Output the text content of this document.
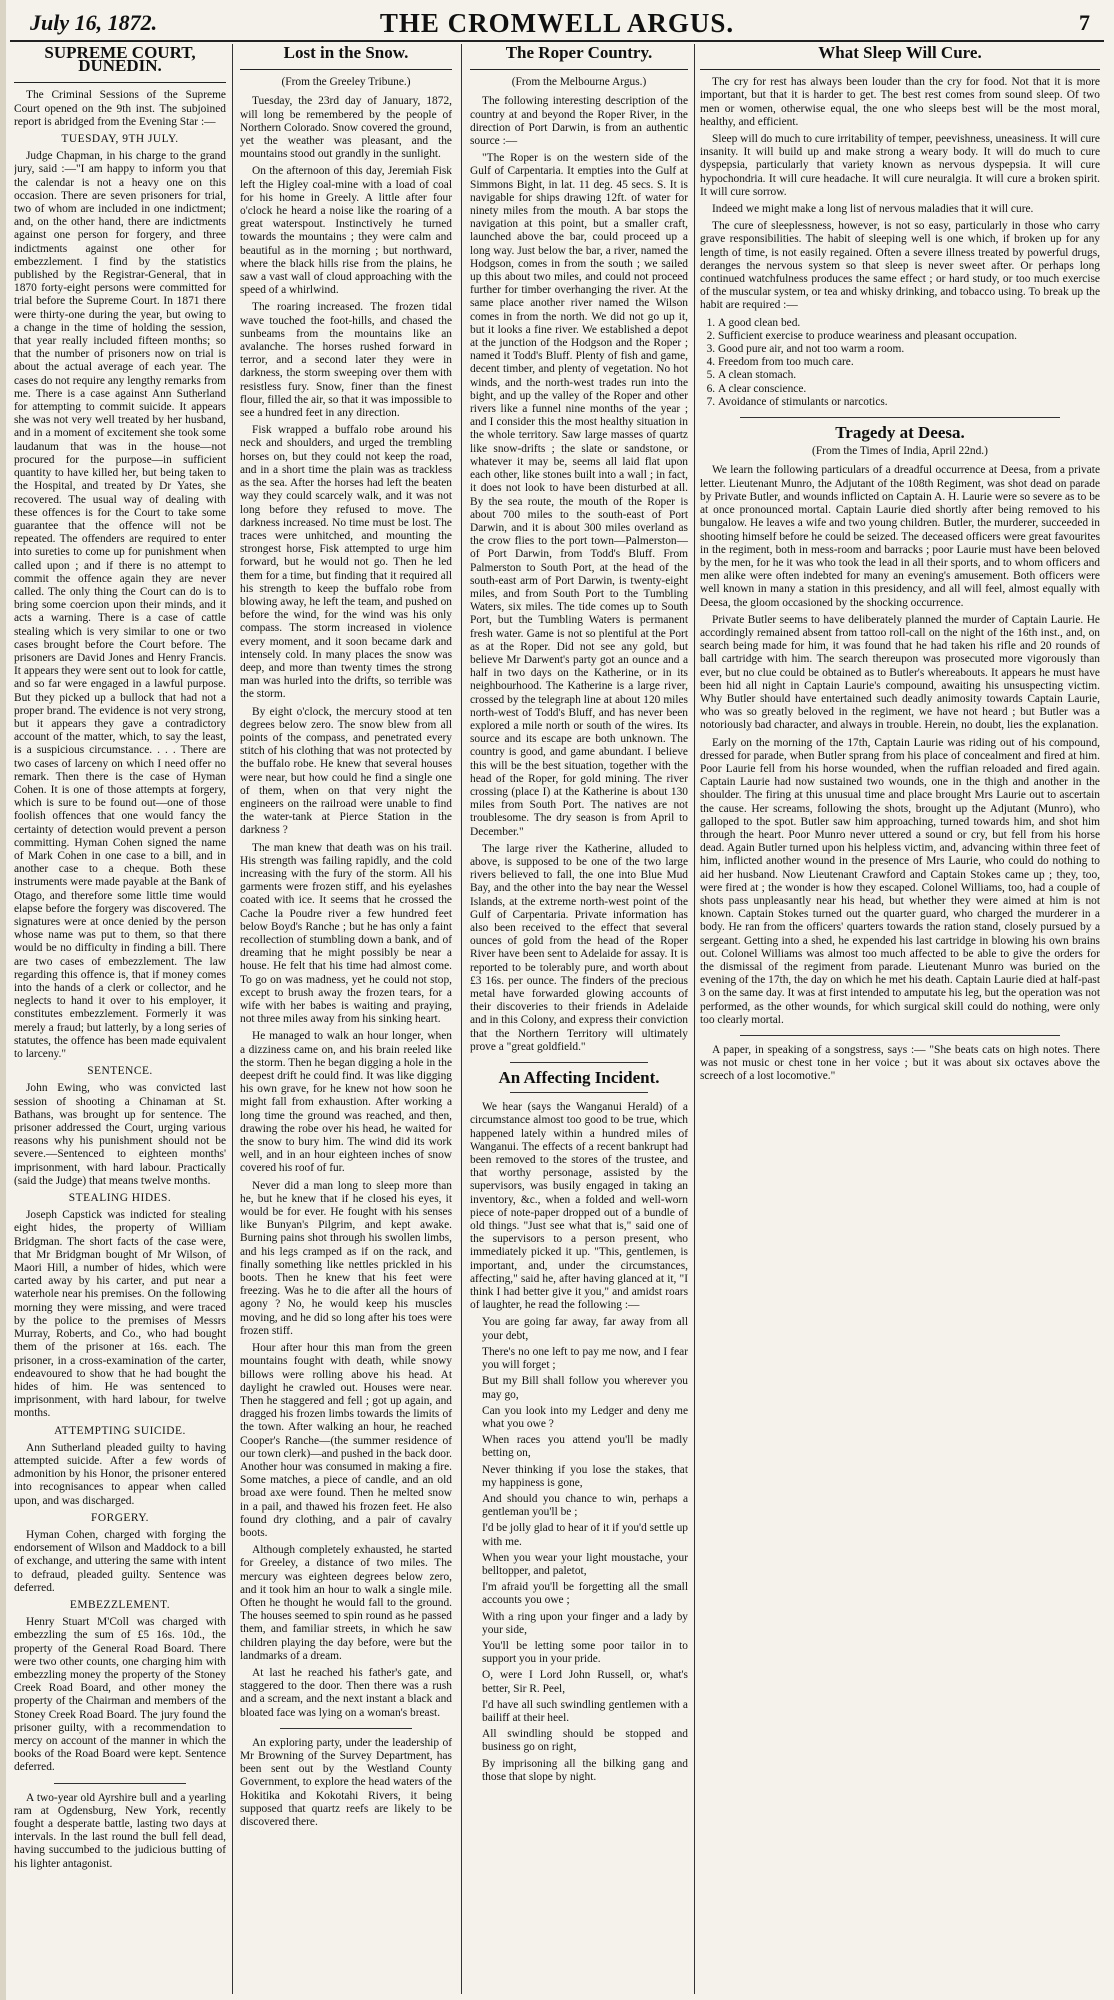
July 16, 1872.	THE CROMWELL ARGUS.	7
SUPREME COURT, DUNEDIN.

The Criminal Sessions of the Supreme Court opened on the 9th inst. The subjoined report is abridged from the Evening Star :—

TUESDAY, 9TH JULY.

Judge Chapman, in his charge to the grand jury, said :—"I am happy to inform you that the calendar is not a heavy one on this occasion. There are seven prisoners for trial, two of whom are included in one indictment; and, on the other hand, there are indictments against one person for forgery, and three indictments against one other for embezzlement. I find by the statistics published by the Registrar-General, that in 1870 forty-eight persons were committed for trial before the Supreme Court. In 1871 there were thirty-one during the year, but owing to a change in the time of holding the session, that year really included fifteen months; so that the number of prisoners now on trial is about the actual average of each year. The cases do not require any lengthy remarks from me. There is a case against Ann Sutherland for attempting to commit suicide. It appears she was not very well treated by her husband, and in a moment of excitement she took some laudanum that was in the house—not procured for the purpose—in sufficient quantity to have killed her, but being taken to the Hospital, and treated by Dr Yates, she recovered. The usual way of dealing with these offences is for the Court to take some guarantee that the offence will not be repeated. The offenders are required to enter into sureties to come up for punishment when called upon ; and if there is no attempt to commit the offence again they are never called. The only thing the Court can do is to bring some coercion upon their minds, and it acts a warning. There is a case of cattle stealing which is very similar to one or two cases brought before the Court before. The prisoners are David Jones and Henry Francis. It appears they were sent out to look for cattle, and so far were engaged in a lawful purpose. But they picked up a bullock that had not a proper brand. The evidence is not very strong, but it appears they gave a contradictory account of the matter, which, to say the least, is a suspicious circumstance. . . . There are two cases of larceny on which I need offer no remark. Then there is the case of Hyman Cohen. It is one of those attempts at forgery, which is sure to be found out—one of those foolish offences that one would fancy the certainty of detection would prevent a person committing. Hyman Cohen signed the name of Mark Cohen in one case to a bill, and in another case to a cheque. Both these instruments were made payable at the Bank of Otago, and therefore some little time would elapse before the forgery was discovered. The signatures were at once denied by the person whose name was put to them, so that there would be no difficulty in finding a bill. There are two cases of embezzlement. The law regarding this offence is, that if money comes into the hands of a clerk or collector, and he neglects to hand it over to his employer, it constitutes embezzlement. Formerly it was merely a fraud; but latterly, by a long series of statutes, the offence has been made equivalent to larceny."

SENTENCE.

John Ewing, who was convicted last session of shooting a Chinaman at St. Bathans, was brought up for sentence. The prisoner addressed the Court, urging various reasons why his punishment should not be severe.—Sentenced to eighteen months' imprisonment, with hard labour. Practically (said the Judge) that means twelve months.

STEALING HIDES.

Joseph Capstick was indicted for stealing eight hides, the property of William Bridgman. The short facts of the case were, that Mr Bridgman bought of Mr Wilson, of Maori Hill, a number of hides, which were carted away by his carter, and put near a waterhole near his premises. On the following morning they were missing, and were traced by the police to the premises of Messrs Murray, Roberts, and Co., who had bought them of the prisoner at 16s. each. The prisoner, in a cross-examination of the carter, endeavoured to show that he had bought the hides of him. He was sentenced to imprisonment, with hard labour, for twelve months.

ATTEMPTING SUICIDE.

Ann Sutherland pleaded guilty to having attempted suicide. After a few words of admonition by his Honor, the prisoner entered into recognisances to appear when called upon, and was discharged.

FORGERY.

Hyman Cohen, charged with forging the endorsement of Wilson and Maddock to a bill of exchange, and uttering the same with intent to defraud, pleaded guilty. Sentence was deferred.

EMBEZZLEMENT.

Henry Stuart M'Coll was charged with embezzling the sum of £5 16s. 10d., the property of the General Road Board. There were two other counts, one charging him with embezzling money the property of the Stoney Creek Road Board, and other money the property of the Chairman and members of the Stoney Creek Road Board. The jury found the prisoner guilty, with a recommendation to mercy on account of the manner in which the books of the Road Board were kept. Sentence deferred.

A two-year old Ayrshire bull and a yearling ram at Ogdensburg, New York, recently fought a desperate battle, lasting two days at intervals. In the last round the bull fell dead, having succumbed to the judicious butting of his lighter antagonist.

Lost in the Snow.
(From the Greeley Tribune.)

Tuesday, the 23rd day of January, 1872, will long be remembered by the people of Northern Colorado. Snow covered the ground, yet the weather was pleasant, and the mountains stood out grandly in the sunlight.

On the afternoon of this day, Jeremiah Fisk left the Higley coal-mine with a load of coal for his home in Greely. A little after four o'clock he heard a noise like the roaring of a great waterspout. Instinctively he turned towards the mountains ; they were calm and beautiful as in the morning ; but northward, where the black hills rise from the plains, he saw a vast wall of cloud approaching with the speed of a whirlwind.

The roaring increased. The frozen tidal wave touched the foot-hills, and chased the sunbeams from the mountains like an avalanche. The horses rushed forward in terror, and a second later they were in darkness, the storm sweeping over them with resistless fury. Snow, finer than the finest flour, filled the air, so that it was impossible to see a hundred feet in any direction.

Fisk wrapped a buffalo robe around his neck and shoulders, and urged the trembling horses on, but they could not keep the road, and in a short time the plain was as trackless as the sea. After the horses had left the beaten way they could scarcely walk, and it was not long before they refused to move. The darkness increased. No time must be lost. The traces were unhitched, and mounting the strongest horse, Fisk attempted to urge him forward, but he would not go. Then he led them for a time, but finding that it required all his strength to keep the buffalo robe from blowing away, he left the team, and pushed on before the wind, for the wind was his only compass. The storm increased in violence every moment, and it soon became dark and intensely cold. In many places the snow was deep, and more than twenty times the strong man was hurled into the drifts, so terrible was the storm.

By eight o'clock, the mercury stood at ten degrees below zero. The snow blew from all points of the compass, and penetrated every stitch of his clothing that was not protected by the buffalo robe. He knew that several houses were near, but how could he find a single one of them, when on that very night the engineers on the railroad were unable to find the water-tank at Pierce Station in the darkness ?

The man knew that death was on his trail. His strength was failing rapidly, and the cold increasing with the fury of the storm. All his garments were frozen stiff, and his eyelashes coated with ice. It seems that he crossed the Cache la Poudre river a few hundred feet below Boyd's Ranche ; but he has only a faint recollection of stumbling down a bank, and of dreaming that he might possibly be near a house. He felt that his time had almost come. To go on was madness, yet he could not stop, except to brush away the frozen tears, for a wife with her babes is waiting and praying, not three miles away from his sinking heart.

He managed to walk an hour longer, when a dizziness came on, and his brain reeled like the storm. Then he began digging a hole in the deepest drift he could find. It was like digging his own grave, for he knew not how soon he might fall from exhaustion. After working a long time the ground was reached, and then, drawing the robe over his head, he waited for the snow to bury him. The wind did its work well, and in an hour eighteen inches of snow covered his roof of fur.

Never did a man long to sleep more than he, but he knew that if he closed his eyes, it would be for ever. He fought with his senses like Bunyan's Pilgrim, and kept awake. Burning pains shot through his swollen limbs, and his legs cramped as if on the rack, and finally something like nettles prickled in his boots. Then he knew that his feet were freezing. Was he to die after all the hours of agony ? No, he would keep his muscles moving, and he did so long after his toes were frozen stiff.

Hour after hour this man from the green mountains fought with death, while snowy billows were rolling above his head. At daylight he crawled out. Houses were near. Then he staggered and fell ; got up again, and dragged his frozen limbs towards the limits of the town. After walking an hour, he reached Cooper's Ranche—(the summer residence of our town clerk)—and pushed in the back door. Another hour was consumed in making a fire. Some matches, a piece of candle, and an old broad axe were found. Then he melted snow in a pail, and thawed his frozen feet. He also found dry clothing, and a pair of cavalry boots.

Although completely exhausted, he started for Greeley, a distance of two miles. The mercury was eighteen degrees below zero, and it took him an hour to walk a single mile. Often he thought he would fall to the ground. The houses seemed to spin round as he passed them, and familiar streets, in which he saw children playing the day before, were but the landmarks of a dream.

At last he reached his father's gate, and staggered to the door. Then there was a rush and a scream, and the next instant a black and bloated face was lying on a woman's breast.

An exploring party, under the leadership of Mr Browning of the Survey Department, has been sent out by the Westland County Government, to explore the head waters of the Hokitika and Kokotahi Rivers, it being supposed that quartz reefs are likely to be discovered there.

The Roper Country.
(From the Melbourne Argus.)

The following interesting description of the country at and beyond the Roper River, in the direction of Port Darwin, is from an authentic source :—

"The Roper is on the western side of the Gulf of Carpentaria. It empties into the Gulf at Simmons Bight, in lat. 11 deg. 45 secs. S. It is navigable for ships drawing 12ft. of water for ninety miles from the mouth. A bar stops the navigation at this point, but a smaller craft, launched above the bar, could proceed up a long way. Just below the bar, a river, named the Hodgson, comes in from the south ; we sailed up this about two miles, and could not proceed further for timber overhanging the river. At the same place another river named the Wilson comes in from the north. We did not go up it, but it looks a fine river. We established a depot at the junction of the Hodgson and the Roper ; named it Todd's Bluff. Plenty of fish and game, decent timber, and plenty of vegetation. No hot winds, and the north-west trades run into the bight, and up the valley of the Roper and other rivers like a funnel nine months of the year ; and I consider this the most healthy situation in the whole territory. Saw large masses of quartz like snow-drifts ; the slate or sandstone, or whatever it may be, seems all laid flat upon each other, like stones built into a wall ; in fact, it does not look to have been disturbed at all. By the sea route, the mouth of the Roper is about 700 miles to the south-east of Port Darwin, and it is about 300 miles overland as the crow flies to the port town—Palmerston—of Port Darwin, from Todd's Bluff. From Palmerston to South Port, at the head of the south-east arm of Port Darwin, is twenty-eight miles, and from South Port to the Tumbling Waters, six miles. The tide comes up to South Port, but the Tumbling Waters is permanent fresh water. Game is not so plentiful at the Port as at the Roper. Did not see any gold, but believe Mr Darwent's party got an ounce and a half in two days on the Katherine, or in its neighbourhood. The Katherine is a large river, crossed by the telegraph line at about 120 miles north-west of Todd's Bluff, and has never been explored a mile north or south of the wires. Its source and its escape are both unknown. The country is good, and game abundant. I believe this will be the best situation, together with the head of the Roper, for gold mining. The river crossing (place I) at the Katherine is about 130 miles from South Port. The natives are not troublesome. The dry season is from April to December."

The large river the Katherine, alluded to above, is supposed to be one of the two large rivers believed to fall, the one into Blue Mud Bay, and the other into the bay near the Wessel Islands, at the extreme north-west point of the Gulf of Carpentaria. Private information has also been received to the effect that several ounces of gold from the head of the Roper River have been sent to Adelaide for assay. It is reported to be tolerably pure, and worth about £3 16s. per ounce. The finders of the precious metal have forwarded glowing accounts of their discoveries to their friends in Adelaide and in this Colony, and express their conviction that the Northern Territory will ultimately prove a "great goldfield."

An Affecting Incident.

We hear (says the Wanganui Herald) of a circumstance almost too good to be true, which happened lately within a hundred miles of Wanganui. The effects of a recent bankrupt had been removed to the stores of the trustee, and that worthy personage, assisted by the supervisors, was busily engaged in taking an inventory, &c., when a folded and well-worn piece of note-paper dropped out of a bundle of old things. "Just see what that is," said one of the supervisors to a person present, who immediately picked it up. "This, gentlemen, is important, and, under the circumstances, affecting," said he, after having glanced at it, "I think I had better give it you," and amidst roars of laughter, he read the following :—

You are going far away, far away from all your debt,

There's no one left to pay me now, and I fear you will forget ;

But my Bill shall follow you wherever you may go,

Can you look into my Ledger and deny me what you owe ?

When races you attend you'll be madly betting on,

Never thinking if you lose the stakes, that my happiness is gone,

And should you chance to win, perhaps a gentleman you'll be ;

I'd be jolly glad to hear of it if you'd settle up with me.

When you wear your light moustache, your belltopper, and paletot,

I'm afraid you'll be forgetting all the small accounts you owe ;

With a ring upon your finger and a lady by your side,

You'll be letting some poor tailor in to support you in your pride.

O, were I Lord John Russell, or, what's better, Sir R. Peel,

I'd have all such swindling gentlemen with a bailiff at their heel.

All swindling should be stopped and business go on right,

By imprisoning all the bilking gang and those that slope by night.

What Sleep Will Cure.

The cry for rest has always been louder than the cry for food. Not that it is more important, but that it is harder to get. The best rest comes from sound sleep. Of two men or women, otherwise equal, the one who sleeps best will be the most moral, healthy, and efficient.

Sleep will do much to cure irritability of temper, peevishness, uneasiness. It will cure insanity. It will build up and make strong a weary body. It will do much to cure dyspepsia, particularly that variety known as nervous dyspepsia. It will cure hypochondria. It will cure headache. It will cure neuralgia. It will cure a broken spirit. It will cure sorrow.

Indeed we might make a long list of nervous maladies that it will cure.

The cure of sleeplessness, however, is not so easy, particularly in those who carry grave responsibilities. The habit of sleeping well is one which, if broken up for any length of time, is not easily regained. Often a severe illness treated by powerful drugs, deranges the nervous system so that sleep is never sweet after. Or perhaps long continued watchfulness produces the same effect ; or hard study, or too much exercise of the muscular system, or tea and whisky drinking, and tobacco using. To break up the habit are required :—

1. A good clean bed.
2. Sufficient exercise to produce weariness and pleasant occupation.
3. Good pure air, and not too warm a room.
4. Freedom from too much care.
5. A clean stomach.
6. A clear conscience.
7. Avoidance of stimulants or narcotics.
Tragedy at Deesa.
(From the Times of India, April 22nd.)

We learn the following particulars of a dreadful occurrence at Deesa, from a private letter. Lieutenant Munro, the Adjutant of the 108th Regiment, was shot dead on parade by Private Butler, and wounds inflicted on Captain A. H. Laurie were so severe as to be at once pronounced mortal. Captain Laurie died shortly after being removed to his bungalow. He leaves a wife and two young children. Butler, the murderer, succeeded in shooting himself before he could be seized. The deceased officers were great favourites in the regiment, both in mess-room and barracks ; poor Laurie must have been beloved by the men, for he it was who took the lead in all their sports, and to whom officers and men alike were often indebted for many an evening's amusement. Both officers were well known in many a station in this presidency, and all will feel, almost equally with Deesa, the gloom occasioned by the shocking occurrence.

Private Butler seems to have deliberately planned the murder of Captain Laurie. He accordingly remained absent from tattoo roll-call on the night of the 16th inst., and, on search being made for him, it was found that he had taken his rifle and 20 rounds of ball cartridge with him. The search thereupon was prosecuted more vigorously than ever, but no clue could be obtained as to Butler's whereabouts. It appears he must have been hid all night in Captain Laurie's compound, awaiting his unsuspecting victim. Why Butler should have entertained such deadly animosity towards Captain Laurie, who was so greatly beloved in the regiment, we have not heard ; but Butler was a notoriously bad character, and always in trouble. Herein, no doubt, lies the explanation.

Early on the morning of the 17th, Captain Laurie was riding out of his compound, dressed for parade, when Butler sprang from his place of concealment and fired at him. Poor Laurie fell from his horse wounded, when the ruffian reloaded and fired again. Captain Laurie had now sustained two wounds, one in the thigh and another in the shoulder. The firing at this unusual time and place brought Mrs Laurie out to ascertain the cause. Her screams, following the shots, brought up the Adjutant (Munro), who galloped to the spot. Butler saw him approaching, turned towards him, and shot him through the heart. Poor Munro never uttered a sound or cry, but fell from his horse dead. Again Butler turned upon his helpless victim, and, advancing within three feet of him, inflicted another wound in the presence of Mrs Laurie, who could do nothing to aid her husband. Now Lieutenant Crawford and Captain Stokes came up ; they, too, were fired at ; the wonder is how they escaped. Colonel Williams, too, had a couple of shots pass unpleasantly near his head, but whether they were aimed at him is not known. Captain Stokes turned out the quarter guard, who charged the murderer in a body. He ran from the officers' quarters towards the ration stand, closely pursued by a sergeant. Getting into a shed, he expended his last cartridge in blowing his own brains out. Colonel Williams was almost too much affected to be able to give the orders for the dismissal of the regiment from parade. Lieutenant Munro was buried on the evening of the 17th, the day on which he met his death. Captain Laurie died at half-past 3 on the same day. It was at first intended to amputate his leg, but the operation was not performed, as the other wounds, for which surgical skill could do nothing, were only too clearly mortal.

A paper, in speaking of a songstress, says :— "She beats cats on high notes. There was not music or chest tone in her voice ; but it was about six octaves above the screech of a lost locomotive."
